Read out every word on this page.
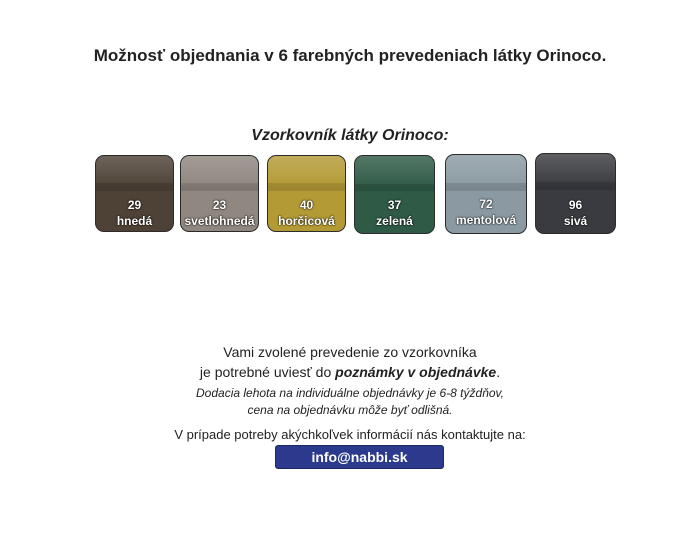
Možnosť objednania v 6 farebných prevedeniach látky Orinoco.
Vzorkovník látky Orinoco:
29
hnedá
23
svetlohnedá
40
horčicová
37
zelená
72
mentolová
96
sivá
Vami zvolené prevedenie zo vzorkovníka
je potrebné uviesť do poznámky v objednávke.
Dodacia lehota na individuálne objednávky je 6-8 týždňov,
cena na objednávku môže byť odlišná.
V prípade potreby akýchkoľvek informácií nás kontaktujte na:
info@nabbi.sk
